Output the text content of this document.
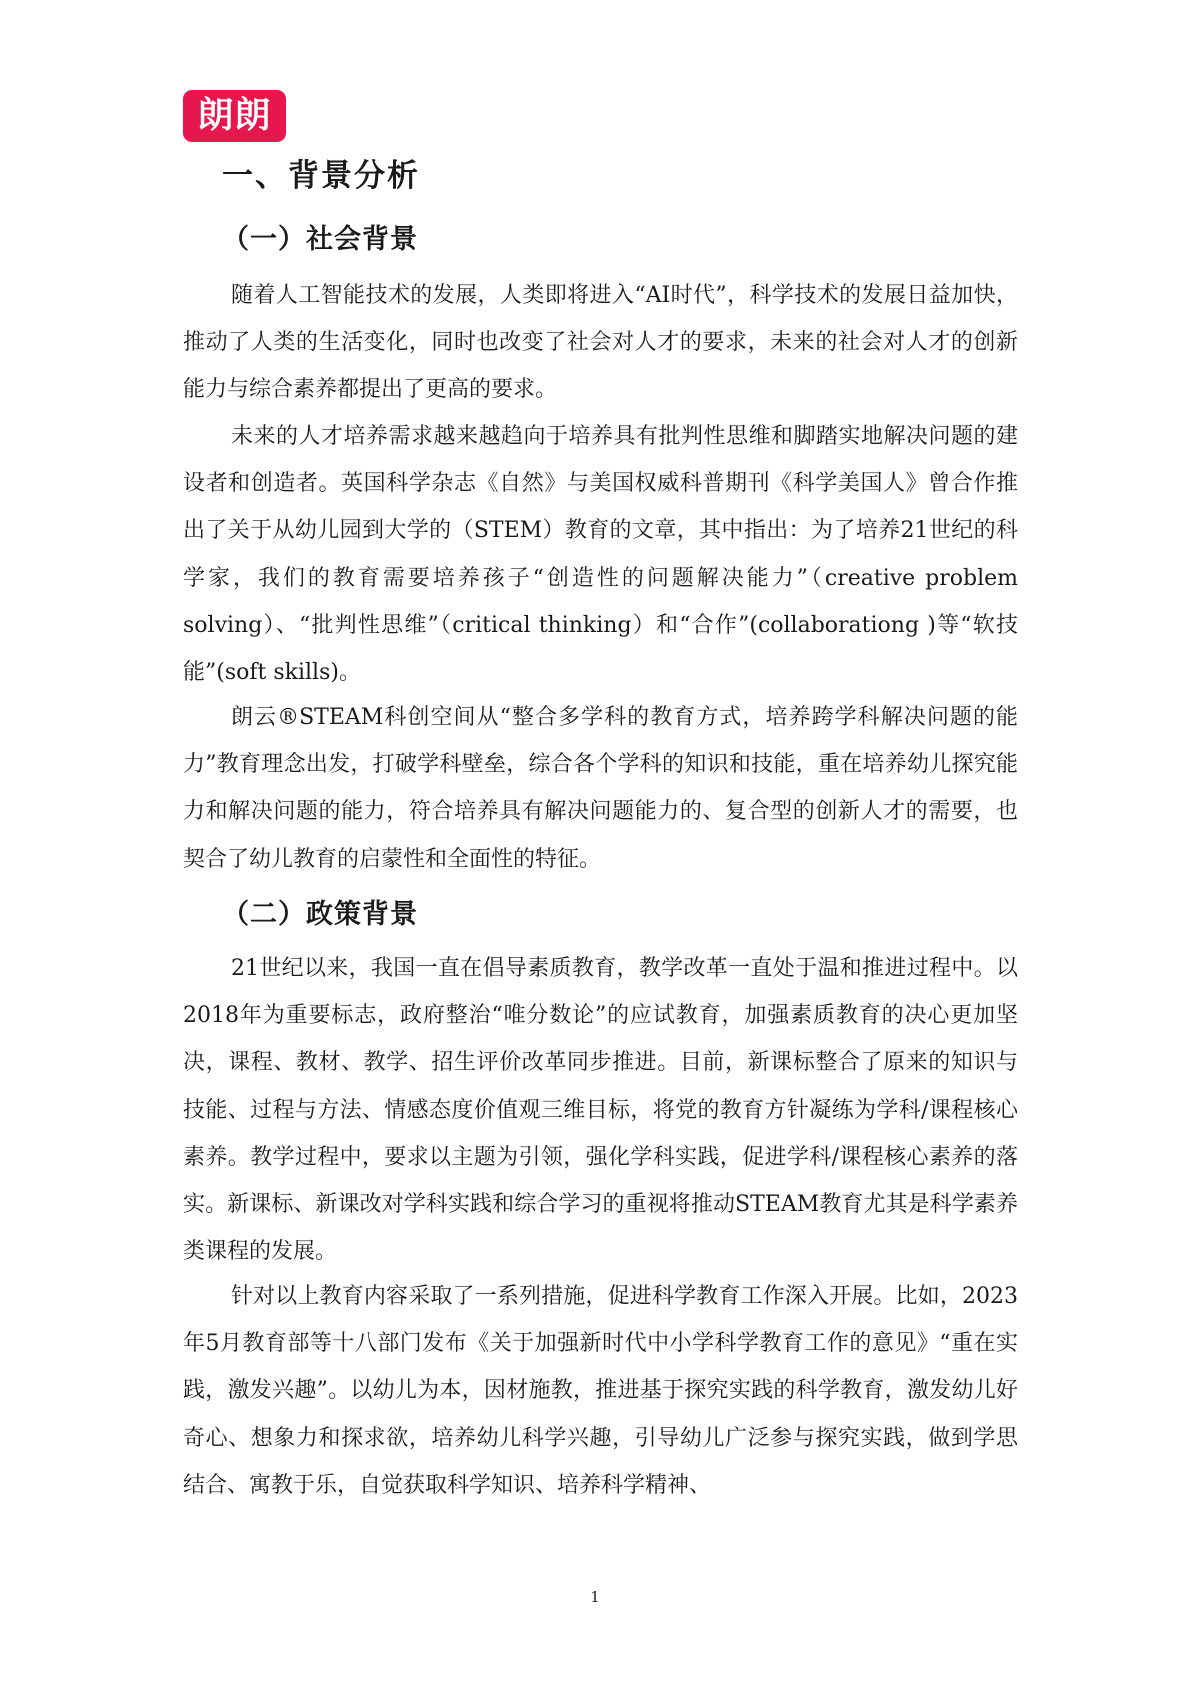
朗朗
一、背景分析
（一）社会背景

随着人工智能技术的发展，人类即将进入“AI时代”，科学技术的发展日益加快，推动了人类的生活变化，同时也改变了社会对人才的要求，未来的社会对人才的创新能力与综合素养都提出了更高的要求。

未来的人才培养需求越来越趋向于培养具有批判性思维和脚踏实地解决问题的建设者和创造者。英国科学杂志《自然》与美国权威科普期刊《科学美国人》曾合作推出了关于从幼儿园到大学的（STEM）教育的文章，其中指出：为了培养21世纪的科学家，我们的教育需要培养孩子“创造性的问题解决能力”（creative problem solving）、“批判性思维”（critical thinking）和“合作”(collaborationg )等“软技能”(soft skills)。

朗云®STEAM科创空间从“整合多学科的教育方式，培养跨学科解决问题的能力”教育理念出发，打破学科壁垒，综合各个学科的知识和技能，重在培养幼儿探究能力和解决问题的能力，符合培养具有解决问题能力的、复合型的创新人才的需要，也契合了幼儿教育的启蒙性和全面性的特征。

（二）政策背景

21世纪以来，我国一直在倡导素质教育，教学改革一直处于温和推进过程中。以2018年为重要标志，政府整治“唯分数论”的应试教育，加强素质教育的决心更加坚决，课程、教材、教学、招生评价改革同步推进。目前，新课标整合了原来的知识与技能、过程与方法、情感态度价值观三维目标，将党的教育方针凝练为学科/课程核心素养。教学过程中，要求以主题为引领，强化学科实践，促进学科/课程核心素养的落实。新课标、新课改对学科实践和综合学习的重视将推动STEAM教育尤其是科学素养类课程的发展。

针对以上教育内容采取了一系列措施，促进科学教育工作深入开展。比如，2023年5月教育部等十八部门发布《关于加强新时代中小学科学教育工作的意见》“重在实践，激发兴趣”。以幼儿为本，因材施教，推进基于探究实践的科学教育，激发幼儿好奇心、想象力和探求欲，培养幼儿科学兴趣，引导幼儿广泛参与探究实践，做到学思结合、寓教于乐，自觉获取科学知识、培养科学精神、

1
